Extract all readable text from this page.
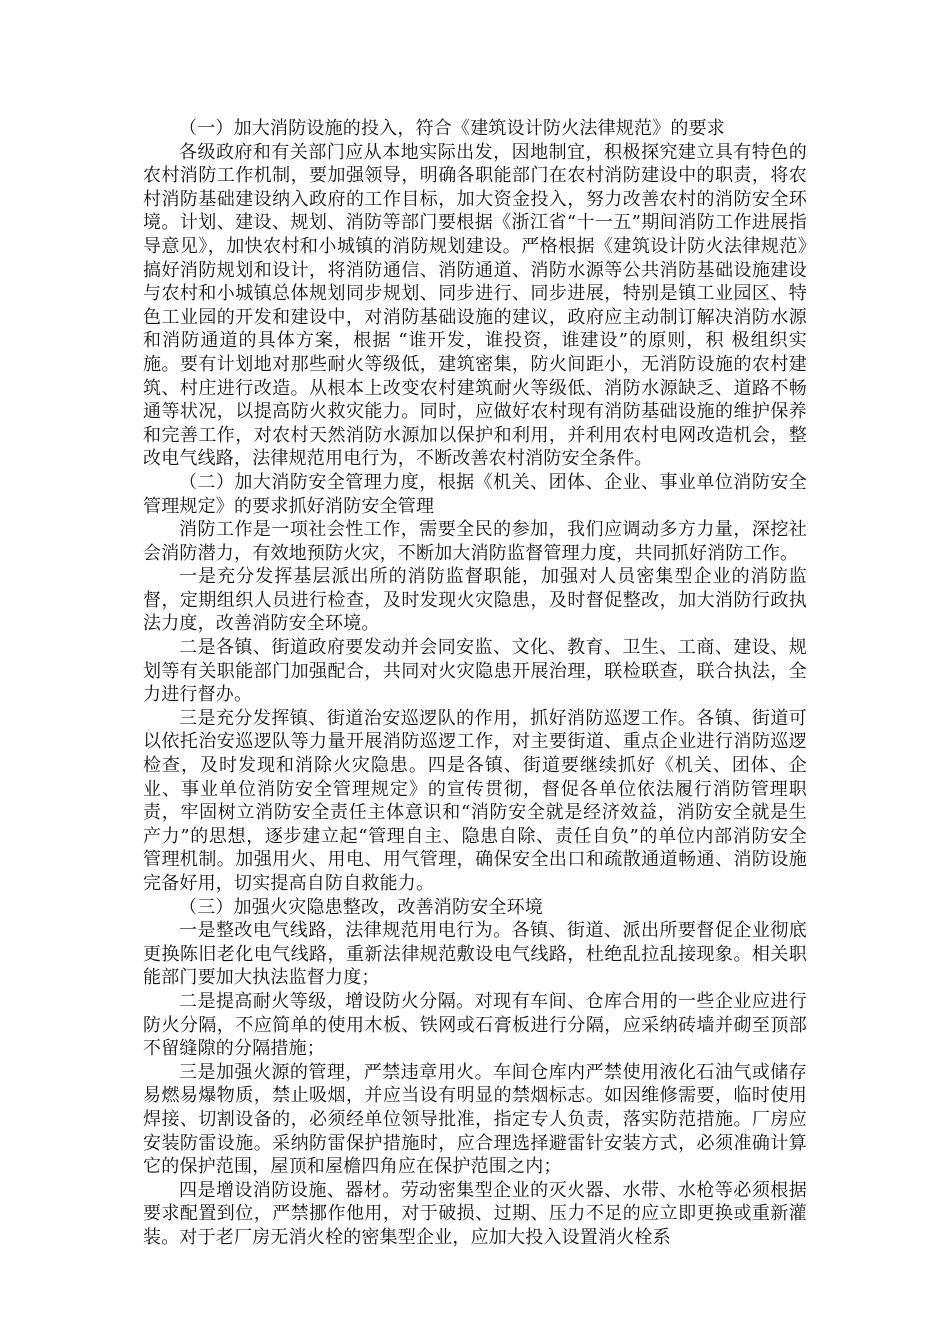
（一）加大消防设施的投入，符合《建筑设计防火法律规范》的要求

各级政府和有关部门应从本地实际出发，因地制宜，积极探究建立具有特色的农村消防工作机制，要加强领导，明确各职能部门在农村消防建设中的职责，将农村消防基础建设纳入政府的工作目标，加大资金投入，努力改善农村的消防安全环境。计划、建设、规划、消防等部门要根据《浙江省“十一五”期间消防工作进展指导意见》，加快农村和小城镇的消防规划建设。严格根据《建筑设计防火法律规范》搞好消防规划和设计，将消防通信、消防通道、消防水源等公共消防基础设施建设与农村和小城镇总体规划同步规划、同步进行、同步进展，特别是镇工业园区、特色工业园的开发和建设中，对消防基础设施的建议，政府应主动制订解决消防水源和消防通道的具体方案，根据 “谁开发，谁投资，谁建设”的原则，积 极组织实施。要有计划地对那些耐火等级低，建筑密集，防火间距小，无消防设施的农村建筑、村庄进行改造。从根本上改变农村建筑耐火等级低、消防水源缺乏、道路不畅通等状况，以提高防火救灾能力。同时，应做好农村现有消防基础设施的维护保养和完善工作，对农村天然消防水源加以保护和利用，并利用农村电网改造机会，整改电气线路，法律规范用电行为，不断改善农村消防安全条件。

（二）加大消防安全管理力度，根据《机关、团体、企业、事业单位消防安全管理规定》的要求抓好消防安全管理

消防工作是一项社会性工作，需要全民的参加，我们应调动多方力量，深挖社会消防潜力，有效地预防火灾，不断加大消防监督管理力度，共同抓好消防工作。

一是充分发挥基层派出所的消防监督职能，加强对人员密集型企业的消防监督，定期组织人员进行检查，及时发现火灾隐患，及时督促整改，加大消防行政执法力度，改善消防安全环境。

二是各镇、街道政府要发动并会同安监、文化、教育、卫生、工商、建设、规划等有关职能部门加强配合，共同对火灾隐患开展治理，联检联查，联合执法，全力进行督办。

三是充分发挥镇、街道治安巡逻队的作用，抓好消防巡逻工作。各镇、街道可以依托治安巡逻队等力量开展消防巡逻工作，对主要街道、重点企业进行消防巡逻检查，及时发现和消除火灾隐患。四是各镇、街道要继续抓好《机关、团体、企业、事业单位消防安全管理规定》的宣传贯彻，督促各单位依法履行消防管理职责，牢固树立消防安全责任主体意识和“消防安全就是经济效益，消防安全就是生产力”的思想，逐步建立起“管理自主、隐患自除、责任自负”的单位内部消防安全管理机制。加强用火、用电、用气管理，确保安全出口和疏散通道畅通、消防设施完备好用，切实提高自防自救能力。

（三）加强火灾隐患整改，改善消防安全环境

一是整改电气线路，法律规范用电行为。各镇、街道、派出所要督促企业彻底更换陈旧老化电气线路，重新法律规范敷设电气线路，杜绝乱拉乱接现象。相关职能部门要加大执法监督力度；

二是提高耐火等级，增设防火分隔。对现有车间、仓库合用的一些企业应进行防火分隔，不应简单的使用木板、铁网或石膏板进行分隔，应采纳砖墙并砌至顶部不留缝隙的分隔措施；

三是加强火源的管理，严禁违章用火。车间仓库内严禁使用液化石油气或储存易燃易爆物质，禁止吸烟，并应当设有明显的禁烟标志。如因维修需要，临时使用焊接、切割设备的，必须经单位领导批准，指定专人负责，落实防范措施。厂房应安装防雷设施。采纳防雷保护措施时，应合理选择避雷针安装方式，必须准确计算它的保护范围，屋顶和屋檐四角应在保护范围之内；

四是增设消防设施、器材。劳动密集型企业的灭火器、水带、水枪等必须根据要求配置到位，严禁挪作他用，对于破损、过期、压力不足的应立即更换或重新灌装。对于老厂房无消火栓的密集型企业，应加大投入设置消火栓系
